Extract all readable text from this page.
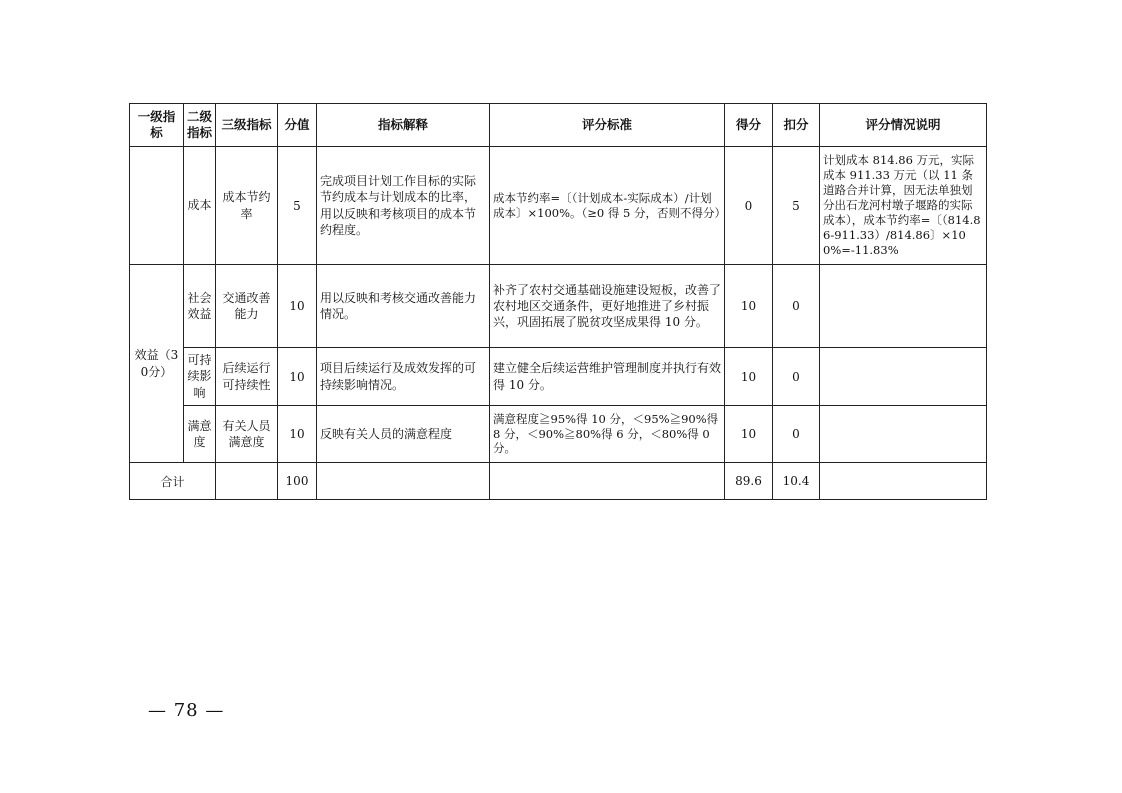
一级指标	二级指标	三级指标	分值	指标解释	评分标准	得分	扣分	评分情况说明
	成本	成本节约率	5	完成项目计划工作目标的实际节约成本与计划成本的比率，用以反映和考核项目的成本节约程度。	成本节约率=〔（计划成本-实际成本）/计划成本〕×100%。（≥0 得 5 分，否则不得分）	0	5	计划成本 814.86 万元，实际成本 911.33 万元（以 11 条道路合并计算，因无法单独划分出石龙河村墩子堰路的实际成本），成本节约率=〔（814.86-911.33）/814.86〕×100%=-11.83%
效益（30分）	社会效益	交通改善能力	10	用以反映和考核交通改善能力情况。	补齐了农村交通基础设施建设短板，改善了农村地区交通条件，更好地推进了乡村振兴，巩固拓展了脱贫攻坚成果得 10 分。	10	0	
	可持续影响	后续运行可持续性	10	项目后续运行及成效发挥的可持续影响情况。	建立健全后续运营维护管理制度并执行有效得 10 分。	10	0	
	满意度	有关人员满意度	10	反映有关人员的满意程度	满意程度≧95%得 10 分，＜95%≧90%得 8 分，＜90%≧80%得 6 分，＜80%得 0 分。	10	0	
合计			100			89.6	10.4	
— 78 —
